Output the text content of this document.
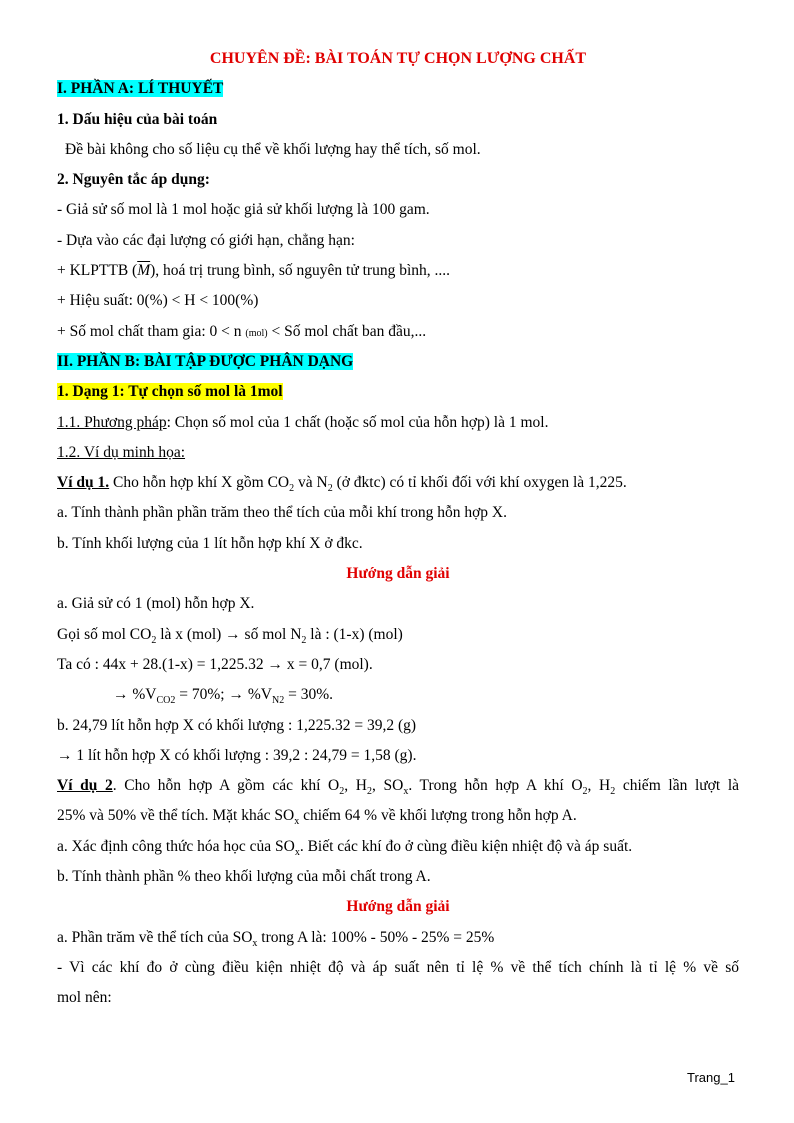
CHUYÊN ĐỀ: BÀI TOÁN TỰ CHỌN LƯỢNG CHẤT
I. PHẦN A: LÍ THUYẾT
1. Dấu hiệu của bài toán
Đề bài không cho số liệu cụ thể về khối lượng hay thể tích, số mol.
2. Nguyên tắc áp dụng:
- Giả sử số mol là 1 mol hoặc giả sử khối lượng là 100 gam.
- Dựa vào các đại lượng có giới hạn, chẳng hạn:
+ KLPTTB $(\overline{M})$, hoá trị trung bình, số nguyên tử trung bình, ....
+ Hiệu suất: 0(%) < H < 100(%)
+ Số mol chất tham gia: 0 < n (mol) < Số mol chất ban đầu,...
II. PHẦN B: BÀI TẬP ĐƯỢC PHÂN DẠNG
1. Dạng 1: Tự chọn số mol là 1mol
1.1. Phương pháp: Chọn số mol của 1 chất (hoặc số mol của hỗn hợp) là 1 mol.
1.2. Ví dụ minh họa:
Ví dụ 1. Cho hỗn hợp khí X gồm $CO_2$ và $N_2$ (ở đktc) có tỉ khối đối với khí oxygen là 1,225.
a. Tính thành phần phần trăm theo thể tích của mỗi khí trong hỗn hợp X.
b. Tính khối lượng của 1 lít hỗn hợp khí X ở đkc.
Hướng dẫn giải
a. Giả sử có 1 (mol) hỗn hợp X.
Gọi số mol $CO_2$ là x (mol) → số mol $N_2$ là : (1-x) (mol)
Ta có : 44x + 28.(1-x) = 1,225.32 → x = 0,7 (mol).
→ $\%V_{CO2} = 70\%$; → $\%V_{N2} = 30\%$.
b. 24,79 lít hỗn hợp X có khối lượng : 1,225.32 = 39,2 (g)
→ 1 lít hỗn hợp X có khối lượng : 39,2 : 24,79 = 1,58 (g).
Ví dụ 2. Cho hỗn hợp A gồm các khí $O_2$, $H_2$, $SO_x$. Trong hỗn hợp A khí $O_2$, $H_2$ chiếm lần lượt là
25% và 50% về thể tích. Mặt khác $SO_x$ chiếm 64 % về khối lượng trong hỗn hợp A.
a. Xác định công thức hóa học của $SO_x$. Biết các khí đo ở cùng điều kiện nhiệt độ và áp suất.
b. Tính thành phần % theo khối lượng của mỗi chất trong A.
Hướng dẫn giải
a. Phần trăm về thể tích của $SO_x$ trong A là: 100% - 50% - 25% = 25%
- Vì các khí đo ở cùng điều kiện nhiệt độ và áp suất nên tỉ lệ % về thể tích chính là tỉ lệ % về số
mol nên:
Trang_1
